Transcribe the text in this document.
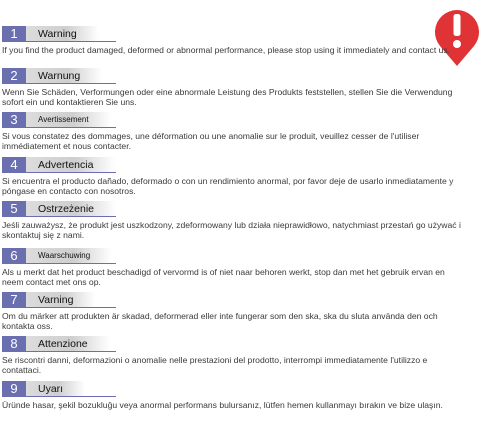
1	Warning
If you find the product damaged, deformed or abnormal performance, please stop using it immediately and contact us.
2	Warnung
Wenn Sie Schäden, Verformungen oder eine abnormale Leistung des Produkts feststellen, stellen Sie die Verwendung sofort ein und kontaktieren Sie uns.
3	Avertissement
Si vous constatez des dommages, une déformation ou une anomalie sur le produit, veuillez cesser de l'utiliser immédiatement et nous contacter.
4	Advertencia
Si encuentra el producto dañado, deformado o con un rendimiento anormal, por favor deje de usarlo inmediatamente y póngase en contacto con nosotros.
5	Ostrzeżenie
Jeśli zauważysz, że produkt jest uszkodzony, zdeformowany lub działa nieprawidłowo, natychmiast przestań go używać i skontaktuj się z nami.
6	Waarschuwing
Als u merkt dat het product beschadigd of vervormd is of niet naar behoren werkt, stop dan met het gebruik ervan en neem contact met ons op.
7	Varning
Om du märker att produkten är skadad, deformerad eller inte fungerar som den ska, ska du sluta använda den och kontakta oss.
8	Attenzione
Se riscontri danni, deformazioni o anomalie nelle prestazioni del prodotto, interrompi immediatamente l'utilizzo e contattaci.
9	Uyarı
Üründe hasar, şekil bozukluğu veya anormal performans bulursanız, lütfen hemen kullanmayı bırakın ve bize ulaşın.
